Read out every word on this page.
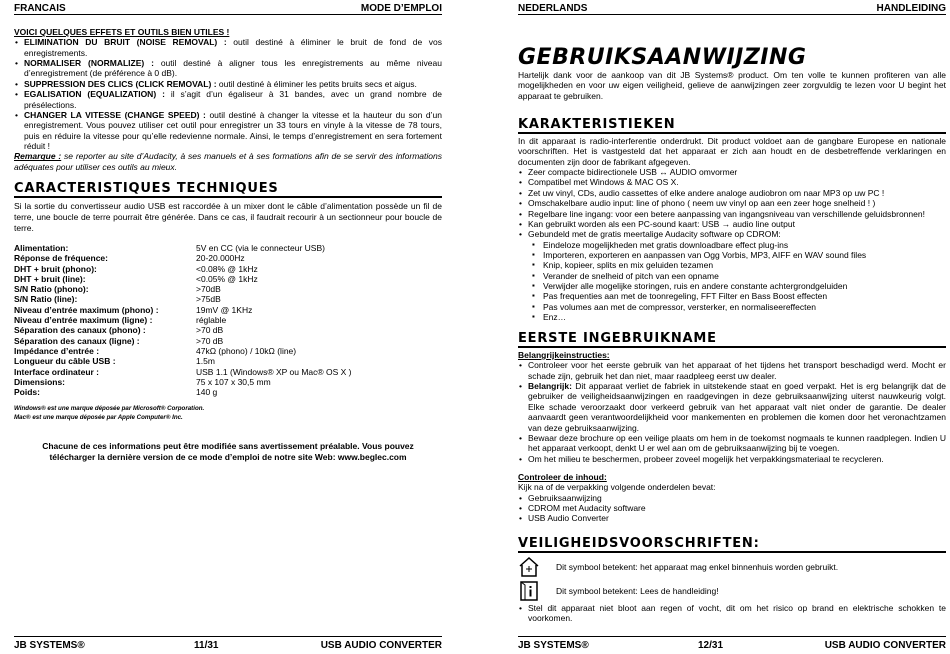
FRANCAIS	MODE D’EMPLOI
VOICI QUELQUES EFFETS ET OUTILS BIEN UTILES !
• ELIMINATION DU BRUIT (NOISE REMOVAL) : outil destiné à éliminer le bruit de fond de vos enregistrements.
• NORMALISER (NORMALIZE) : outil destiné à aligner tous les enregistrements au même niveau d’enregistrement (de préférence à 0 dB).
• SUPPRESSION DES CLICS (CLICK REMOVAL) : outil destiné à éliminer les petits bruits secs et aigus.
• EGALISATION (EQUALIZATION) : il s’agit d’un égaliseur à 31 bandes, avec un grand nombre de présélections.
• CHANGER LA VITESSE (CHANGE SPEED) : outil destiné à changer la vitesse et la hauteur du son d’un enregistrement. Vous pouvez utiliser cet outil pour enregistrer un 33 tours en vinyle à la vitesse de 78 tours, puis en réduire la vitesse pour qu’elle redevienne normale. Ainsi, le temps d’enregistrement en sera fortement réduit !
Remarque : se reporter au site d’Audacity, à ses manuels et à ses formations afin de se servir des informations adéquates pour utiliser ces outils au mieux.
CARACTERISTIQUES TECHNIQUES
Si la sortie du convertisseur audio USB est raccordée à un mixer dont le câble d’alimentation possède un fil de terre, une boucle de terre pourrait être générée. Dans ce cas, il faudrait recourir à un sectionneur pour boucle de terre.
Alimentation:	5V en CC (via le connecteur USB)
Réponse de fréquence:	20-20.000Hz
DHT + bruit (phono):	<0.08% @ 1kHz
DHT + bruit (line):	<0.05% @ 1kHz
S/N Ratio (phono):	>70dB
S/N Ratio (line):	>75dB
Niveau d’entrée maximum (phono) :	19mV @ 1KHz
Niveau d’entrée maximum (ligne) :	réglable
Séparation des canaux (phono) :	>70 dB
Séparation des canaux (ligne) :	>70 dB
Impédance d’entrée :	47kΩ (phono) / 10kΩ (line)
Longueur du câble USB :	1.5m
Interface ordinateur :	USB 1.1 (Windows® XP ou Mac® OS X )
Dimensions:	75 x 107 x 30,5 mm
Poids:	140 g
Windows® est une marque déposée par Microsoft® Corporation.
Mac® est une marque déposée par Apple Computer® Inc.
Chacune de ces informations peut être modifiée sans avertissement préalable. Vous pouvez télécharger la dernière version de ce mode d’emploi de notre site Web: www.beglec.com
JB SYSTEMS®	11/31	USB AUDIO CONVERTER
NEDERLANDS	HANDLEIDING
GEBRUIKSAANWIJZING
Hartelijk dank voor de aankoop van dit JB Systems® product. Om ten volle te kunnen profiteren van alle mogelijkheden en voor uw eigen veiligheid, gelieve de aanwijzingen zeer zorgvuldig te lezen voor U begint het apparaat te gebruiken.
KARAKTERISTIEKEN
In dit apparaat is radio-interferentie onderdrukt. Dit product voldoet aan de gangbare Europese en nationale voorschriften. Het is vastgesteld dat het apparaat er zich aan houdt en de desbetreffende verklaringen en documenten zijn door de fabrikant afgegeven.
• Zeer compacte bidirectionele USB ↔ AUDIO omvormer
• Compatibel met Windows & MAC OS X.
• Zet uw vinyl, CDs, audio cassettes of elke andere analoge audiobron om naar MP3 op uw PC !
• Omschakelbare audio input: line of phono ( neem uw vinyl op aan een zeer hoge snelheid ! )
• Regelbare line ingang: voor een betere aanpassing van ingangsniveau van verschillende geluidsbronnen!
• Kan gebruikt worden als een PC-sound kaart: USB → audio line output
• Gebundeld met de gratis meertalige Audacity software op CDROM:
▪ Eindeloze mogelijkheden met gratis downloadbare effect plug-ins
▪ Importeren, exporteren en aanpassen van Ogg Vorbis, MP3, AIFF en WAV sound files
▪ Knip, kopieer, splits en mix geluiden tezamen
▪ Verander de snelheid of pitch van een opname
▪ Verwijder alle mogelijke storingen, ruis en andere constante achtergrondgeluiden
▪ Pas frequenties aan met de toonregeling, FFT Filter en Bass Boost effecten
▪ Pas volumes aan met de compressor, versterker, en normaliseereffecten
▪ Enz…
EERSTE INGEBRUIKNAME
Belangrijkeinstructies:
• Controleer voor het eerste gebruik van het apparaat of het tijdens het transport beschadigd werd. Mocht er schade zijn, gebruik het dan niet, maar raadpleeg eerst uw dealer.
• Belangrijk: Dit apparaat verliet de fabriek in uitstekende staat en goed verpakt. Het is erg belangrijk dat de gebruiker de veiligheidsaanwijzingen en raadgevingen in deze gebruiksaanwijzing uiterst nauwkeurig volgt. Elke schade veroorzaakt door verkeerd gebruik van het apparaat valt niet onder de garantie. De dealer aanvaardt geen verantwoordelijkheid voor mankementen en problemen die komen door het veronachtzamen van deze gebruiksaanwijzing.
• Bewaar deze brochure op een veilige plaats om hem in de toekomst nogmaals te kunnen raadplegen. Indien U het apparaat verkoopt, denkt U er wel aan om de gebruiksaanwijzing bij te voegen.
• Om het milieu te beschermen, probeer zoveel mogelijk het verpakkingsmateriaal te recycleren.
Controleer de inhoud:
Kijk na of de verpakking volgende onderdelen bevat:
• Gebruiksaanwijzing
• CDROM met Audacity software
• USB Audio Converter
VEILIGHEIDSVOORSCHRIFTEN:
Dit symbool betekent: het apparaat mag enkel binnenhuis worden gebruikt.
Dit symbool betekent: Lees de handleiding!
• Stel dit apparaat niet bloot aan regen of vocht, dit om het risico op brand en elektrische schokken te voorkomen.
JB SYSTEMS®	12/31	USB AUDIO CONVERTER
